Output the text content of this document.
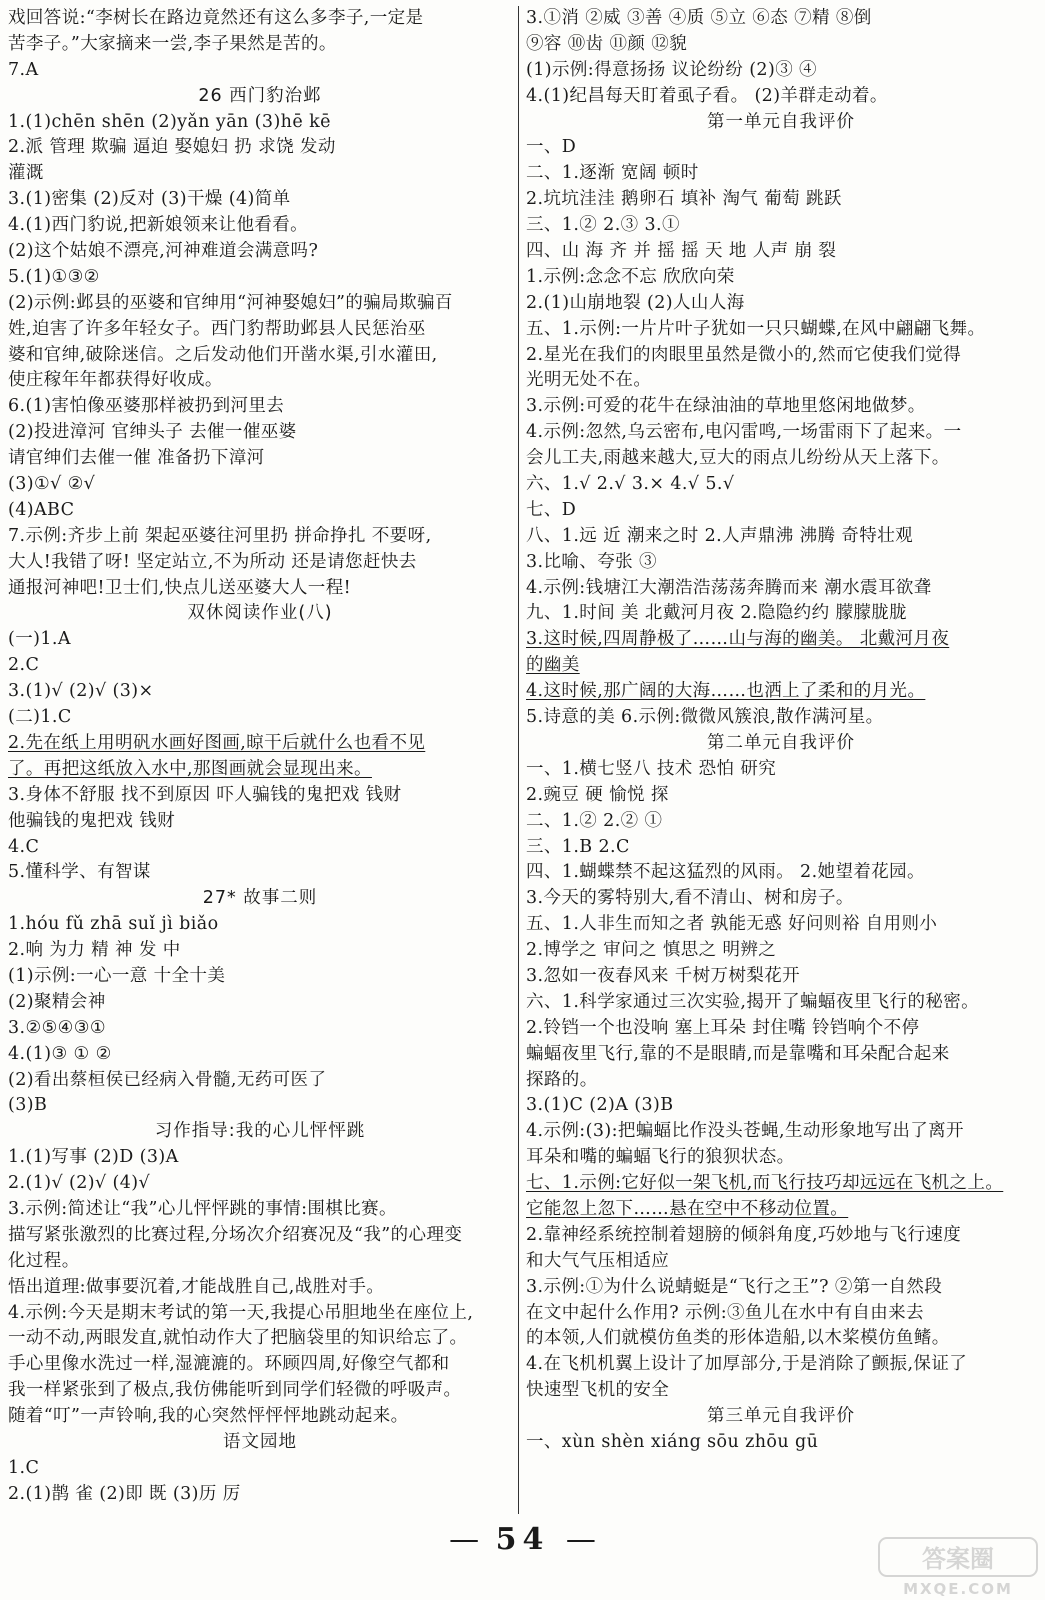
戏回答说:“李树长在路边竟然还有这么多李子,一定是
苦李子。”大家摘来一尝,李子果然是苦的。
7.A
26 西门豹治邺
1.(1)chēn shēn (2)yǎn yān (3)hē kē
2.派 管理 欺骗 逼迫 娶媳妇 扔 求饶 发动
灌溉
3.(1)密集 (2)反对 (3)干燥 (4)简单
4.(1)西门豹说,把新娘领来让他看看。
(2)这个姑娘不漂亮,河神难道会满意吗?
5.(1)①③②
(2)示例:邺县的巫婆和官绅用“河神娶媳妇”的骗局欺骗百
姓,迫害了许多年轻女子。西门豹帮助邺县人民惩治巫
婆和官绅,破除迷信。之后发动他们开凿水渠,引水灌田,
使庄稼年年都获得好收成。
6.(1)害怕像巫婆那样被扔到河里去
(2)投进漳河 官绅头子 去催一催巫婆
请官绅们去催一催 准备扔下漳河
(3)①√ ②√
(4)ABC
7.示例:齐步上前 架起巫婆往河里扔 拼命挣扎 不要呀,
大人!我错了呀! 坚定站立,不为所动 还是请您赶快去
通报河神吧!卫士们,快点儿送巫婆大人一程!
双休阅读作业(八)
(一)1.A
2.C
3.(1)√ (2)√ (3)×
(二)1.C
2.先在纸上用明矾水画好图画,晾干后就什么也看不见
了。再把这纸放入水中,那图画就会显现出来。
3.身体不舒服 找不到原因 吓人骗钱的鬼把戏 钱财
他骗钱的鬼把戏 钱财
4.C
5.懂科学、有智谋
27* 故事二则
1.hóu fǔ zhā suǐ jì biǎo
2.响 为力 精 神 发 中
(1)示例:一心一意 十全十美
(2)聚精会神
3.②⑤④③①
4.(1)③ ① ②
(2)看出蔡桓侯已经病入骨髓,无药可医了
(3)B
习作指导:我的心儿怦怦跳
1.(1)写事 (2)D (3)A
2.(1)√ (2)√ (4)√
3.示例:简述让“我”心儿怦怦跳的事情:围棋比赛。
描写紧张激烈的比赛过程,分场次介绍赛况及“我”的心理变
化过程。
悟出道理:做事要沉着,才能战胜自己,战胜对手。
4.示例:今天是期末考试的第一天,我提心吊胆地坐在座位上,
一动不动,两眼发直,就怕动作大了把脑袋里的知识给忘了。
手心里像水洗过一样,湿漉漉的。环顾四周,好像空气都和
我一样紧张到了极点,我仿佛能听到同学们轻微的呼吸声。
随着“叮”一声铃响,我的心突然怦怦怦地跳动起来。
语文园地
1.C
2.(1)鹊 雀 (2)即 既 (3)历 厉
3.①消 ②威 ③善 ④质 ⑤立 ⑥态 ⑦精 ⑧倒
⑨容 ⑩齿 ⑪颜 ⑫貌
(1)示例:得意扬扬 议论纷纷 (2)③ ④
4.(1)纪昌每天盯着虱子看。 (2)羊群走动着。
第一单元自我评价
一、D
二、1.逐渐 宽阔 顿时
2.坑坑洼洼 鹅卵石 填补 淘气 葡萄 跳跃
三、1.② 2.③ 3.①
四、山 海 齐 并 摇 摇 天 地 人声 崩 裂
1.示例:念念不忘 欣欣向荣
2.(1)山崩地裂 (2)人山人海
五、1.示例:一片片叶子犹如一只只蝴蝶,在风中翩翩飞舞。
2.星光在我们的肉眼里虽然是微小的,然而它使我们觉得
光明无处不在。
3.示例:可爱的花牛在绿油油的草地里悠闲地做梦。
4.示例:忽然,乌云密布,电闪雷鸣,一场雷雨下了起来。一
会儿工夫,雨越来越大,豆大的雨点儿纷纷从天上落下。
六、1.√ 2.√ 3.× 4.√ 5.√
七、D
八、1.远 近 潮来之时 2.人声鼎沸 沸腾 奇特壮观
3.比喻、夸张 ③
4.示例:钱塘江大潮浩浩荡荡奔腾而来 潮水震耳欲聋
九、1.时间 美 北戴河月夜 2.隐隐约约 朦朦胧胧
3.这时候,四周静极了……山与海的幽美。 北戴河月夜
的幽美
4.这时候,那广阔的大海……也洒上了柔和的月光。
5.诗意的美 6.示例:微微风簇浪,散作满河星。
第二单元自我评价
一、1.横七竖八 技术 恐怕 研究
2.豌豆 硬 愉悦 探
二、1.② 2.② ①
三、1.B 2.C
四、1.蝴蝶禁不起这猛烈的风雨。 2.她望着花园。
3.今天的雾特别大,看不清山、树和房子。
五、1.人非生而知之者 孰能无惑 好问则裕 自用则小
2.博学之 审问之 慎思之 明辨之
3.忽如一夜春风来 千树万树梨花开
六、1.科学家通过三次实验,揭开了蝙蝠夜里飞行的秘密。
2.铃铛一个也没响 塞上耳朵 封住嘴 铃铛响个不停
蝙蝠夜里飞行,靠的不是眼睛,而是靠嘴和耳朵配合起来
探路的。
3.(1)C (2)A (3)B
4.示例:(3):把蝙蝠比作没头苍蝇,生动形象地写出了离开
耳朵和嘴的蝙蝠飞行的狼狈状态。
七、1.示例:它好似一架飞机,而飞行技巧却远远在飞机之上。
它能忽上忽下……悬在空中不移动位置。
2.靠神经系统控制着翅膀的倾斜角度,巧妙地与飞行速度
和大气气压相适应
3.示例:①为什么说蜻蜓是“飞行之王”? ②第一自然段
在文中起什么作用? 示例:③鱼儿在水中有自由来去
的本领,人们就模仿鱼类的形体造船,以木桨模仿鱼鳍。
4.在飞机机翼上设计了加厚部分,于是消除了颤振,保证了
快速型飞机的安全
第三单元自我评价
一、xùn shèn xiáng sōu zhōu gū
— 54 —
答案圈
MXQE.COM
